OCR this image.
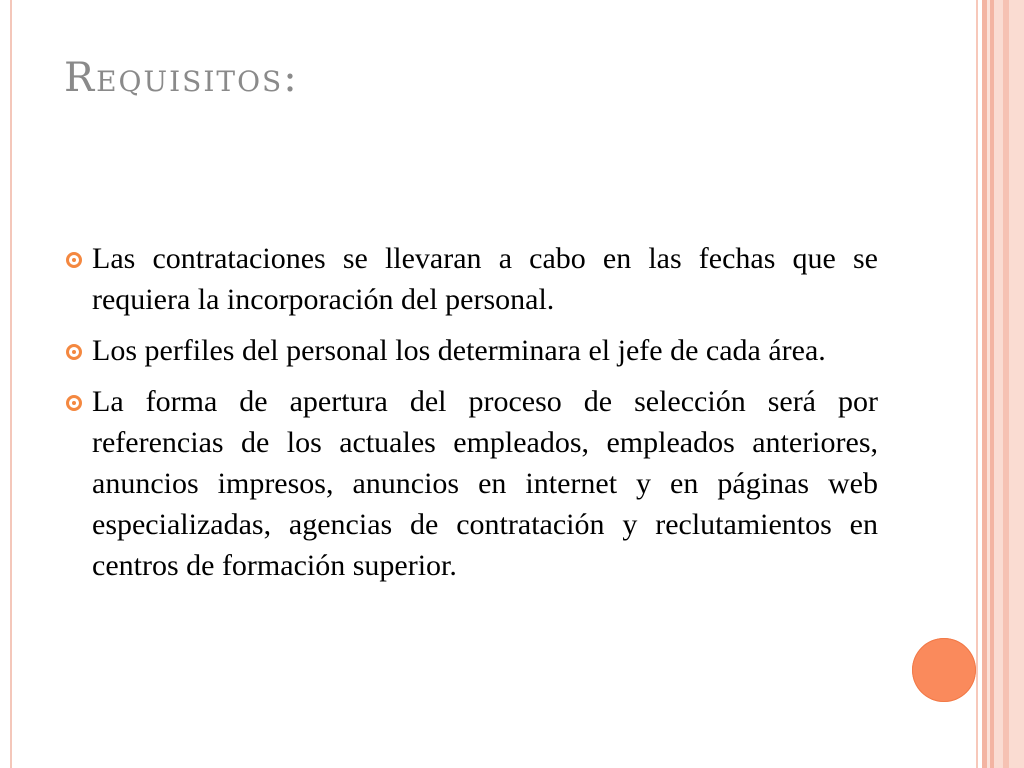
Requisitos:
Las contrataciones se llevaran a cabo en las fechas que se requiera la incorporación del personal.
Los perfiles del personal los determinara el jefe de cada área.
La forma de apertura del proceso de selección será por referencias de los actuales empleados, empleados anteriores, anuncios impresos, anuncios en internet y en páginas web especializadas, agencias de contratación y reclutamientos en centros de formación superior.
